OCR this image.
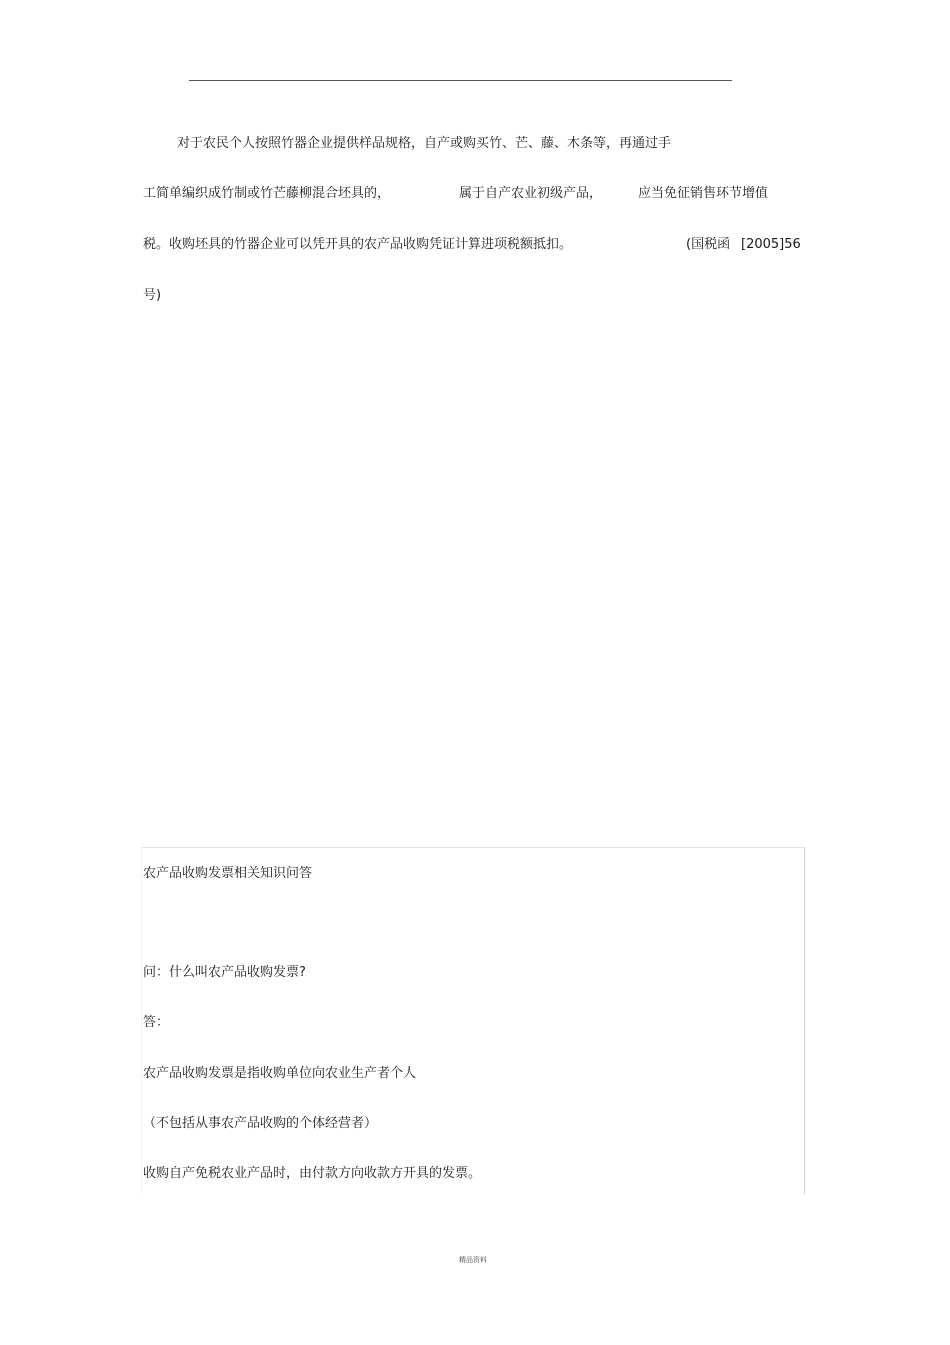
对于农民个人按照竹器企业提供样品规格，自产或购买竹、芒、藤、木条等，再通过手
工简单编织成竹制或竹芒藤柳混合坯具的，	属于自产农业初级产品，	应当免征销售环节增值
税。收购坯具的竹器企业可以凭开具的农产品收购凭证计算进项税额抵扣。	(国税函 [2005]56
号)
农产品收购发票相关知识问答
问：什么叫农产品收购发票?
答：
农产品收购发票是指收购单位向农业生产者个人
（不包括从事农产品收购的个体经营者）
收购自产免税农业产品时，由付款方向收款方开具的发票。
精品资料
